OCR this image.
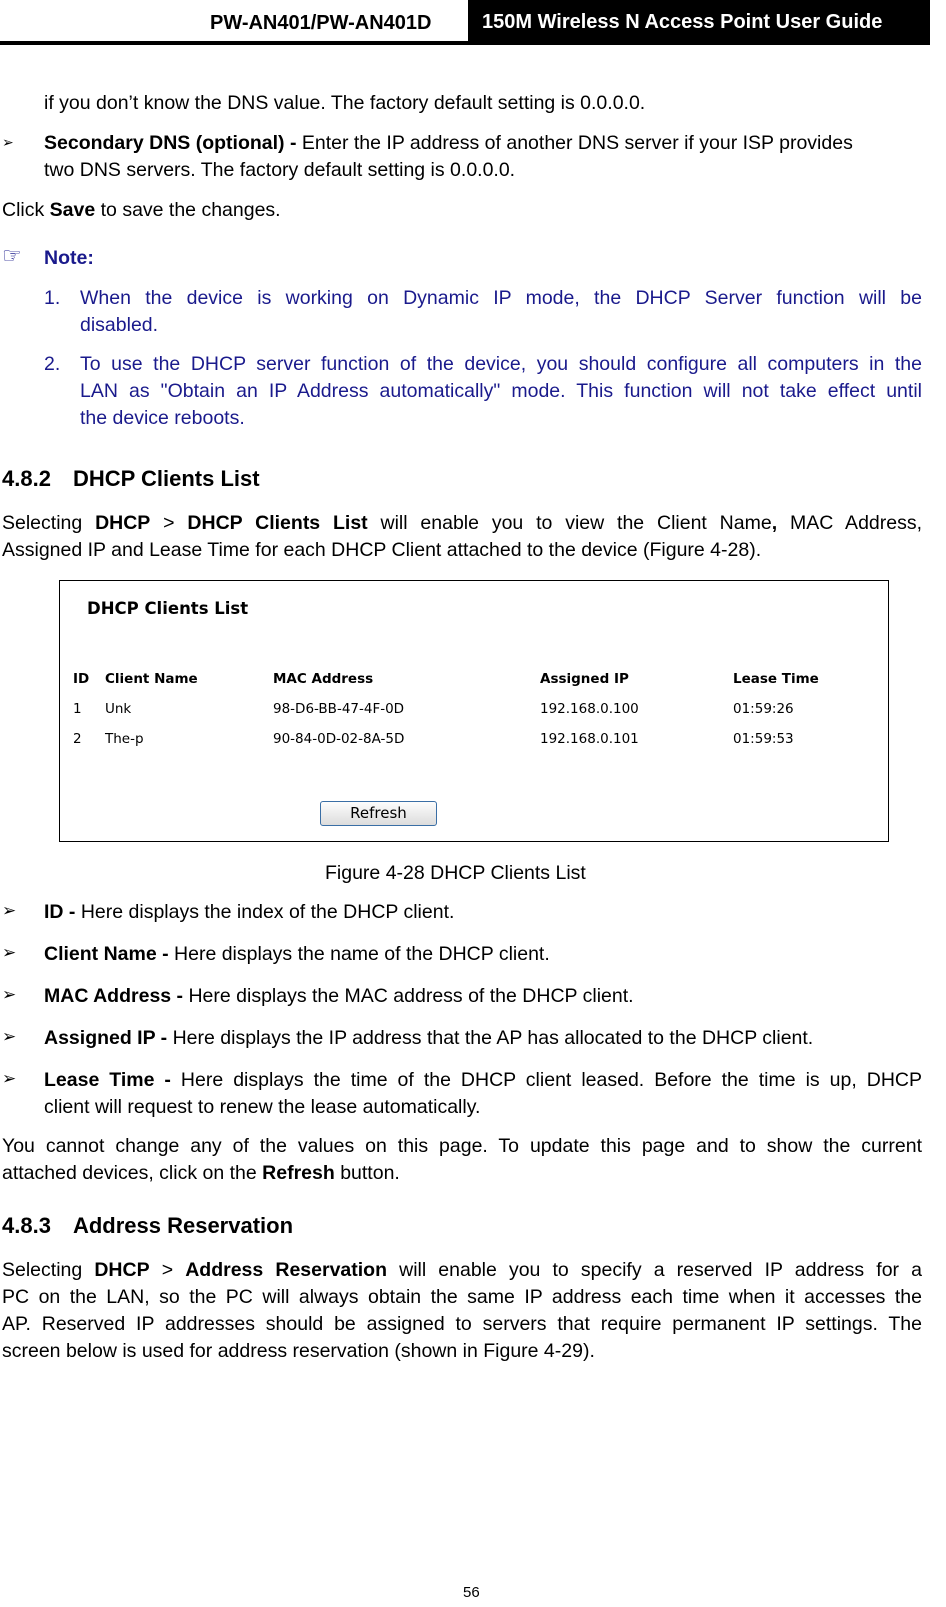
PW-AN401/PW-AN401D	150M Wireless N Access Point User Guide
if you don’t know the DNS value. The factory default setting is 0.0.0.0.
➢ Secondary DNS (optional) - Enter the IP address of another DNS server if your ISP provides
two DNS servers. The factory default setting is 0.0.0.0.
Click Save to save the changes.
☞ Note:
1. When the device is working on Dynamic IP mode, the DHCP Server function will be
disabled.
2. To use the DHCP server function of the device, you should configure all computers in the
LAN as "Obtain an IP Address automatically" mode. This function will not take effect until
the device reboots.
4.8.2 DHCP Clients List
Selecting DHCP > DHCP Clients List will enable you to view the Client Name, MAC Address,
Assigned IP and Lease Time for each DHCP Client attached to the device (Figure 4-28).
DHCP Clients List
ID Client Name	MAC Address	Assigned IP	Lease Time
1 Unk	98-D6-BB-47-4F-0D	192.168.0.100	01:59:26
2 The-p	90-84-0D-02-8A-5D	192.168.0.101	01:59:53
Refresh
Figure 4-28 DHCP Clients List
➢ ID - Here displays the index of the DHCP client.
➢ Client Name - Here displays the name of the DHCP client.
➢ MAC Address - Here displays the MAC address of the DHCP client.
➢ Assigned IP - Here displays the IP address that the AP has allocated to the DHCP client.
➢ Lease Time - Here displays the time of the DHCP client leased. Before the time is up, DHCP
client will request to renew the lease automatically.
You cannot change any of the values on this page. To update this page and to show the current
attached devices, click on the Refresh button.
4.8.3 Address Reservation
Selecting DHCP > Address Reservation will enable you to specify a reserved IP address for a
PC on the LAN, so the PC will always obtain the same IP address each time when it accesses the
AP. Reserved IP addresses should be assigned to servers that require permanent IP settings. The
screen below is used for address reservation (shown in Figure 4-29).
56
